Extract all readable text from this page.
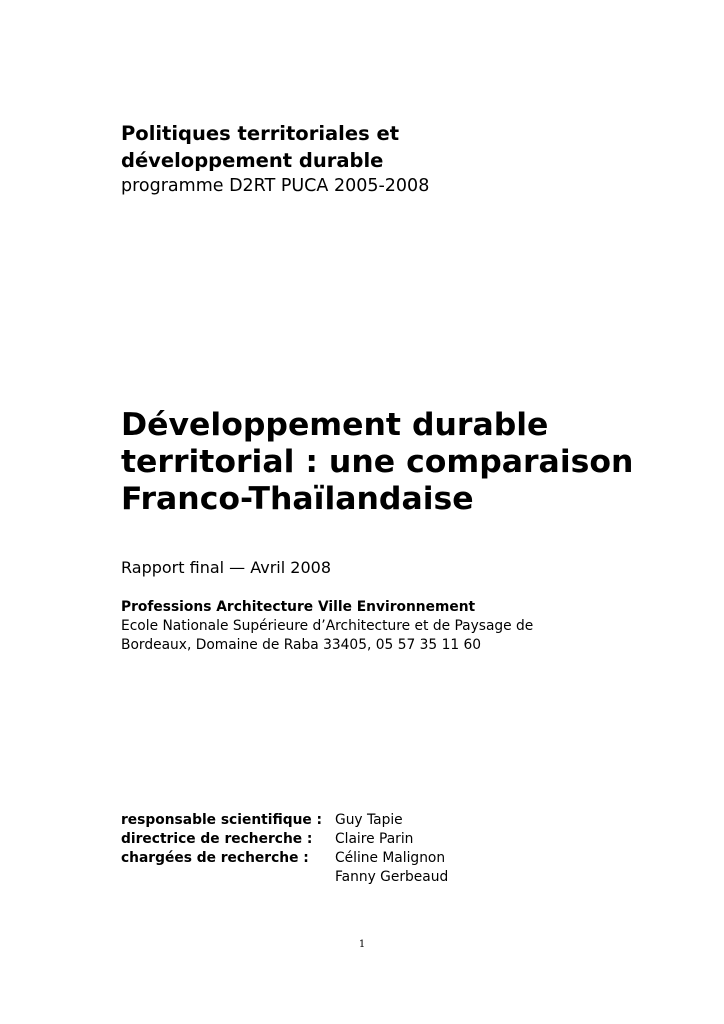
Politiques territoriales et

développement durable

programme D2RT PUCA 2005-2008

Développement durable
territorial : une comparaison
Franco-Thaïlandaise

Rapport final — Avril 2008

Professions Architecture Ville Environnement

Ecole Nationale Supérieure d’Architecture et de Paysage de
Bordeaux, Domaine de Raba 33405, 05 57 35 11 60

responsable scientifique :	Guy Tapie
directrice de recherche :	Claire Parin
chargées de recherche :	Céline Malignon
	Fanny Gerbeaud
1
